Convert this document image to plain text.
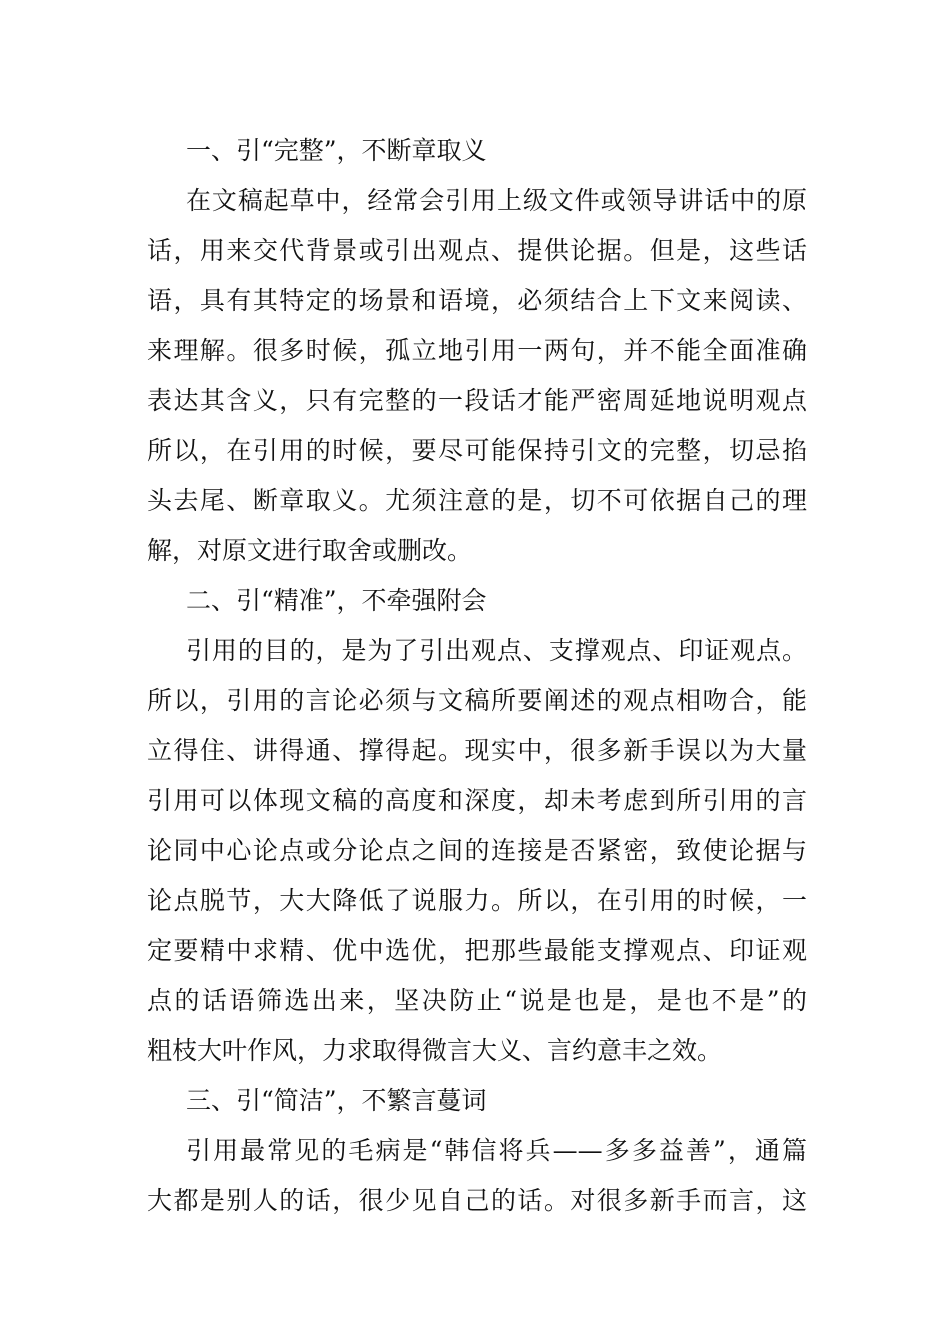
一、引“完整”，不断章取义
在文稿起草中，经常会引用上级文件或领导讲话中的原
话，用来交代背景或引出观点、提供论据。但是，这些话
语，具有其特定的场景和语境，必须结合上下文来阅读、
来理解。很多时候，孤立地引用一两句，并不能全面准确
表达其含义，只有完整的一段话才能严密周延地说明观点
所以，在引用的时候，要尽可能保持引文的完整，切忌掐
头去尾、断章取义。尤须注意的是，切不可依据自己的理
解，对原文进行取舍或删改。
二、引“精准”，不牵强附会
引用的目的，是为了引出观点、支撑观点、印证观点。
所以，引用的言论必须与文稿所要阐述的观点相吻合，能
立得住、讲得通、撑得起。现实中，很多新手误以为大量
引用可以体现文稿的高度和深度，却未考虑到所引用的言
论同中心论点或分论点之间的连接是否紧密，致使论据与
论点脱节，大大降低了说服力。所以，在引用的时候，一
定要精中求精、优中选优，把那些最能支撑观点、印证观
点的话语筛选出来，坚决防止“说是也是，是也不是”的
粗枝大叶作风，力求取得微言大义、言约意丰之效。
三、引“简洁”，不繁言蔓词
引用最常见的毛病是“韩信将兵——多多益善”，通篇
大都是别人的话，很少见自己的话。对很多新手而言，这
